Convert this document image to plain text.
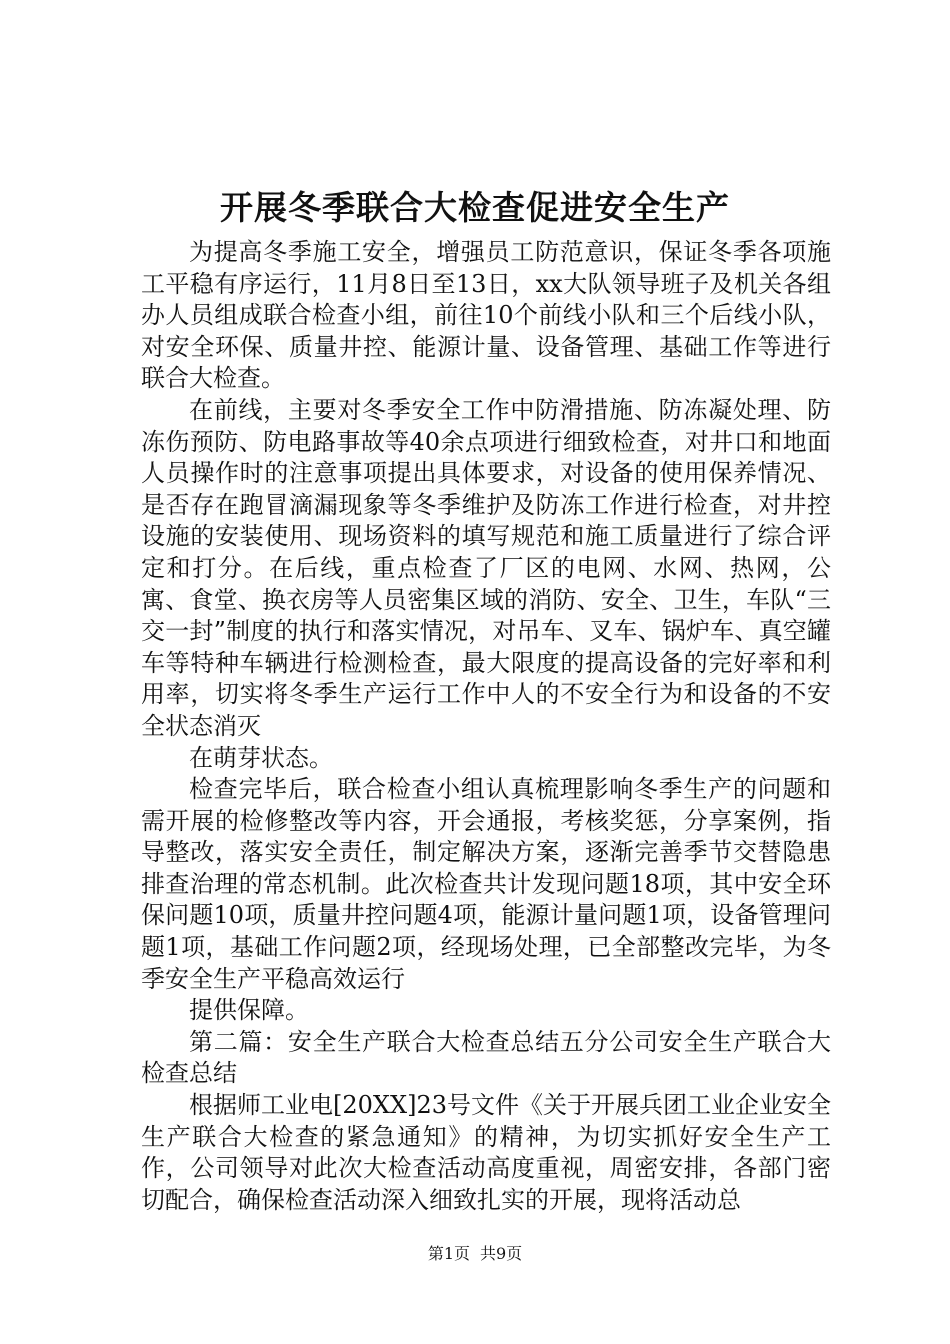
开展冬季联合大检查促进安全生产

为提高冬季施工安全，增强员工防范意识，保证冬季各项施工平稳有序运行，11月8日至13日，xx大队领导班子及机关各组办人员组成联合检查小组，前往10个前线小队和三个后线小队，对安全环保、质量井控、能源计量、设备管理、基础工作等进行联合大检查。

在前线，主要对冬季安全工作中防滑措施、防冻凝处理、防冻伤预防、防电路事故等40余点项进行细致检查，对井口和地面人员操作时的注意事项提出具体要求，对设备的使用保养情况、是否存在跑冒滴漏现象等冬季维护及防冻工作进行检查，对井控设施的安装使用、现场资料的填写规范和施工质量进行了综合评定和打分。在后线，重点检查了厂区的电网、水网、热网，公寓、食堂、换衣房等人员密集区域的消防、安全、卫生，车队“三交一封”制度的执行和落实情况，对吊车、叉车、锅炉车、真空罐车等特种车辆进行检测检查，最大限度的提高设备的完好率和利用率，切实将冬季生产运行工作中人的不安全行为和设备的不安全状态消灭

在萌芽状态。

检查完毕后，联合检查小组认真梳理影响冬季生产的问题和需开展的检修整改等内容，开会通报，考核奖惩，分享案例，指导整改，落实安全责任，制定解决方案，逐渐完善季节交替隐患排查治理的常态机制。此次检查共计发现问题18项，其中安全环保问题10项，质量井控问题4项，能源计量问题1项，设备管理问题1项，基础工作问题2项，经现场处理，已全部整改完毕，为冬季安全生产平稳高效运行

提供保障。

第二篇：安全生产联合大检查总结五分公司安全生产联合大检查总结

根据师工业电[20XX]23号文件《关于开展兵团工业企业安全生产联合大检查的紧急通知》的精神，为切实抓好安全生产工作，公司领导对此次大检查活动高度重视，周密安排，各部门密切配合，确保检查活动深入细致扎实的开展，现将活动总

第1页 共9页
